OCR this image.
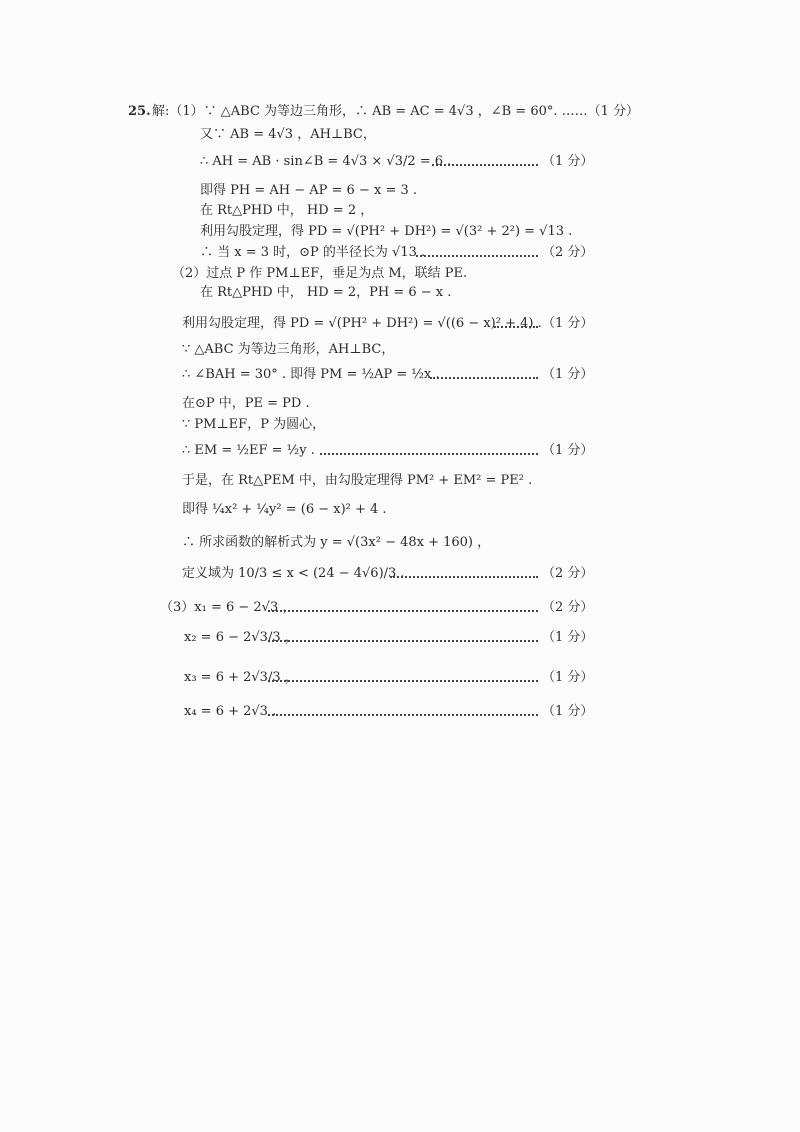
25. 解:（1）∵ △ABC 为等边三角形，∴ AB = AC = 4√3 ，∠B = 60°. ……（1 分）
又∵ AB = 4√3 ，AH⊥BC，
∴ AH = AB · sin∠B = 4√3 × √3/2 = 6 .	（1 分）
即得 PH = AH − AP = 6 − x = 3 .
在 Rt△PHD 中， HD = 2 ，
利用勾股定理，得 PD = √(PH² + DH²) = √(3² + 2²) = √13 .
∴ 当 x = 3 时，⊙P 的半径长为 √13 .	（2 分）
（2）过点 P 作 PM⊥EF，垂足为点 M，联结 PE.
在 Rt△PHD 中， HD = 2，PH = 6 − x .
利用勾股定理，得 PD = √(PH² + DH²) = √((6 − x)² + 4) . （1 分）
∵ △ABC 为等边三角形，AH⊥BC，
∴ ∠BAH = 30° . 即得 PM = ½AP = ½x .	（1 分）
在⊙P 中，PE = PD .
∵ PM⊥EF，P 为圆心，
∴ EM = ½EF = ½y .	（1 分）
于是，在 Rt△PEM 中，由勾股定理得 PM² + EM² = PE² .
即得 ¼x² + ¼y² = (6 − x)² + 4 .
∴ 所求函数的解析式为 y = √(3x² − 48x + 160) ，
定义域为 10/3 ≤ x < (24 − 4√6)/3 .	（2 分）
（3）x₁ = 6 − 2√3 ，	（2 分）
x₂ = 6 − 2√3/3 ，	（1 分）
x₃ = 6 + 2√3/3 ，	（1 分）
x₄ = 6 + 2√3 .	（1 分）
